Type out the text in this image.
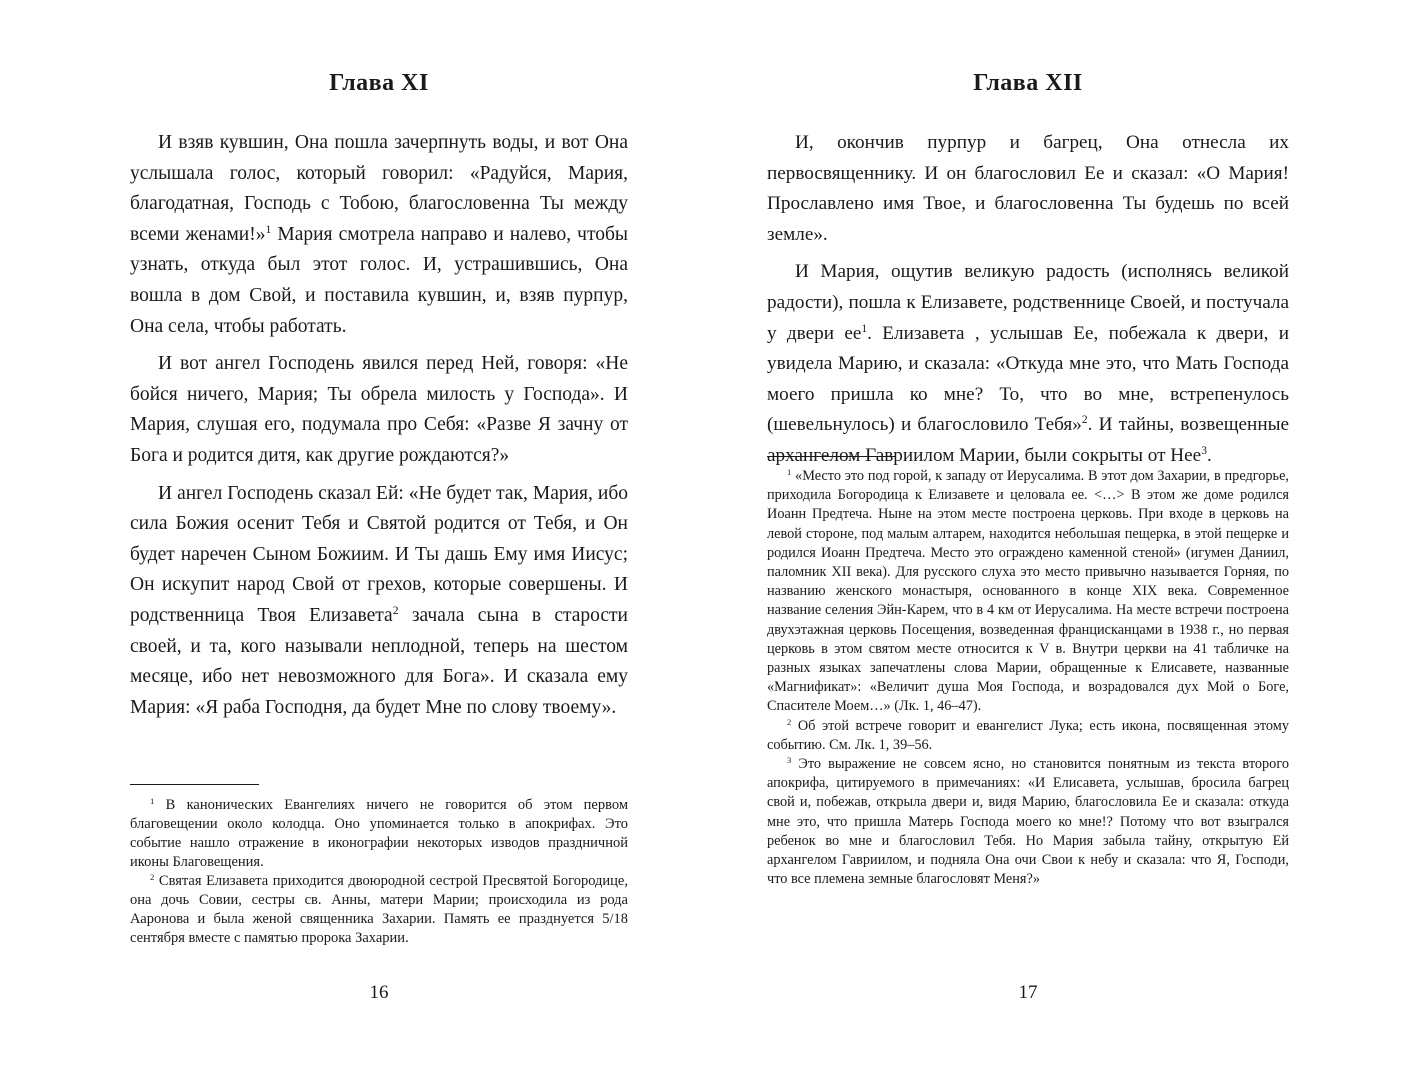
Глава XI

И взяв кувшин, Она пошла зачерпнуть воды, и вот Она услышала голос, который говорил: «Радуйся, Мария, благодатная, Господь с Тобою, благословенна Ты между всеми женами!»$^1$ Мария смотрела направо и налево, чтобы узнать, откуда был этот голос. И, устрашившись, Она вошла в дом Свой, и поставила кувшин, и, взяв пурпур, Она села, чтобы работать.

И вот ангел Господень явился перед Ней, говоря: «Не бойся ничего, Мария; Ты обрела милость у Господа». И Мария, слушая его, подумала про Себя: «Разве Я зачну от Бога и родится дитя, как другие рождаются?»

И ангел Господень сказал Ей: «Не будет так, Мария, ибо сила Божия осенит Тебя и Святой родится от Тебя, и Он будет наречен Сыном Божиим. И Ты дашь Ему имя Иисус; Он искупит народ Свой от грехов, которые совершены. И родственница Твоя Елизавета$^2$ зачала сына в старости своей, и та, кого называли неплодной, теперь на шестом месяце, ибо нет невозможного для Бога». И сказала ему Мария: «Я раба Господня, да будет Мне по слову твоему».

$^1$ В канонических Евангелиях ничего не говорится об этом первом благовещении около колодца. Оно упоминается только в апокрифах. Это событие нашло отражение в иконографии некоторых изводов праздничной иконы Благовещения.

$^2$ Святая Елизавета приходится двоюродной сестрой Пресвятой Богородице, она дочь Совии, сестры св. Анны, матери Марии; происходила из рода Ааронова и была женой священника Захарии. Память ее празднуется 5/18 сентября вместе с памятью пророка Захарии.

16
Глава XII

И, окончив пурпур и багрец, Она отнесла их первосвященнику. И он благословил Ее и сказал: «О Мария! Прославлено имя Твое, и благословенна Ты будешь по всей земле».

И Мария, ощутив великую радость (исполнясь великой радости), пошла к Елизавете, родственнице Своей, и постучала у двери $ее^1$. Елизавета , услышав Ее, побежала к двери, и увидела Марию, и сказала: «Откуда мне это, что Мать Господа моего пришла ко мне? То, что во мне, встрепенулось (шевельнулось) и благословило Тебя»$^2$. И тайны, возвещенные архангелом Гавриилом Марии, были сокрыты от Нее$^3$.

$^1$ «Место это под горой, к западу от Иерусалима. В этот дом Захарии, в предгорье, приходила Богородица к Елизавете и целовала ее. <…> В этом же доме родился Иоанн Предтеча. Ныне на этом месте построена церковь. При входе в церковь на левой стороне, под малым алтарем, находится небольшая пещерка, в этой пещерке и родился Иоанн Предтеча. Место это ограждено каменной стеной» (игумен Даниил, паломник XII века). Для русского слуха это место привычно называется Горняя, по названию женского монастыря, основанного в конце XIX века. Современное название селения Эйн-Карем, что в 4 км от Иерусалима. На месте встречи построена двухэтажная церковь Посещения, возведенная францисканцами в 1938 г., но первая церковь в этом святом месте относится к V в. Внутри церкви на 41 табличке на разных языках запечатлены слова Марии, обращенные к Елисавете, названные «Магнификат»: «Величит душа Моя Господа, и возрадовался дух Мой о Боге, Спасителе Моем…» (Лк. 1, 46–47).

$^2$ Об этой встрече говорит и евангелист Лука; есть икона, посвященная этому событию. См. Лк. 1, 39–56.

$^3$ Это выражение не совсем ясно, но становится понятным из текста второго апокрифа, цитируемого в примечаниях: «И Елисавета, услышав, бросила багрец свой и, побежав, открыла двери и, видя Марию, благословила Ее и сказала: откуда мне это, что пришла Матерь Господа моего ко мне!? Потому что вот взыгрался ребенок во мне и благословил Тебя. Но Мария забыла тайну, открытую Ей архангелом Гавриилом, и подняла Она очи Свои к небу и сказала: что Я, Господи, что все племена земные благословят Меня?»

17
